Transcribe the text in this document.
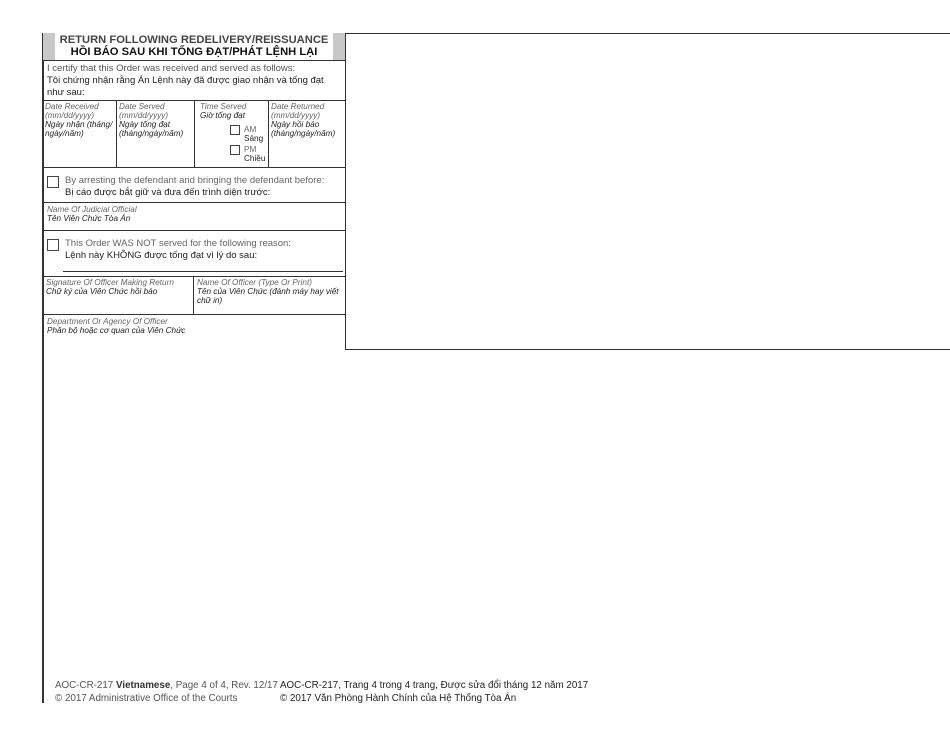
RETURN FOLLOWING REDELIVERY/REISSUANCE
HỒI BÁO SAU KHI TỐNG ĐẠT/PHÁT LỆNH LẠI
I certify that this Order was received and served as follows:
Tôi chứng nhận rằng Án Lệnh này đã được giao nhận và tống đạt như sau:
Date Received (mm/dd/yyyy)
Ngày nhận (tháng/ ngày/năm)
Date Served (mm/dd/yyyy)
Ngày tống đạt (tháng/ngày/năm)
Time Served
Giờ tống đạt
AM
Sáng
PM
Chiều
Date Returned (mm/dd/yyyy)
Ngày hồi báo (tháng/ngày/năm)
By arresting the defendant and bringing the defendant before:
Bị cáo được bắt giữ và đưa đến trình diện trước:
Name Of Judicial Official
Tên Viên Chức Tòa Án
This Order WAS NOT served for the following reason:
Lệnh này KHÔNG được tống đạt vì lý do sau:
Signature Of Officer Making Return
Chữ ký của Viên Chức hồi báo
Name Of Officer (Type Or Print)
Tên của Viên Chức (đánh máy hay viết chữ in)
Department Or Agency Of Officer
Phân bộ hoặc cơ quan của Viên Chức
AOC-CR-217 Vietnamese, Page 4 of 4, Rev. 12/17
© 2017 Administrative Office of the Courts
AOC-CR-217, Trang 4 trong 4 trang, Được sửa đổi tháng 12 năm 2017
© 2017 Văn Phòng Hành Chính của Hệ Thống Tòa Án
